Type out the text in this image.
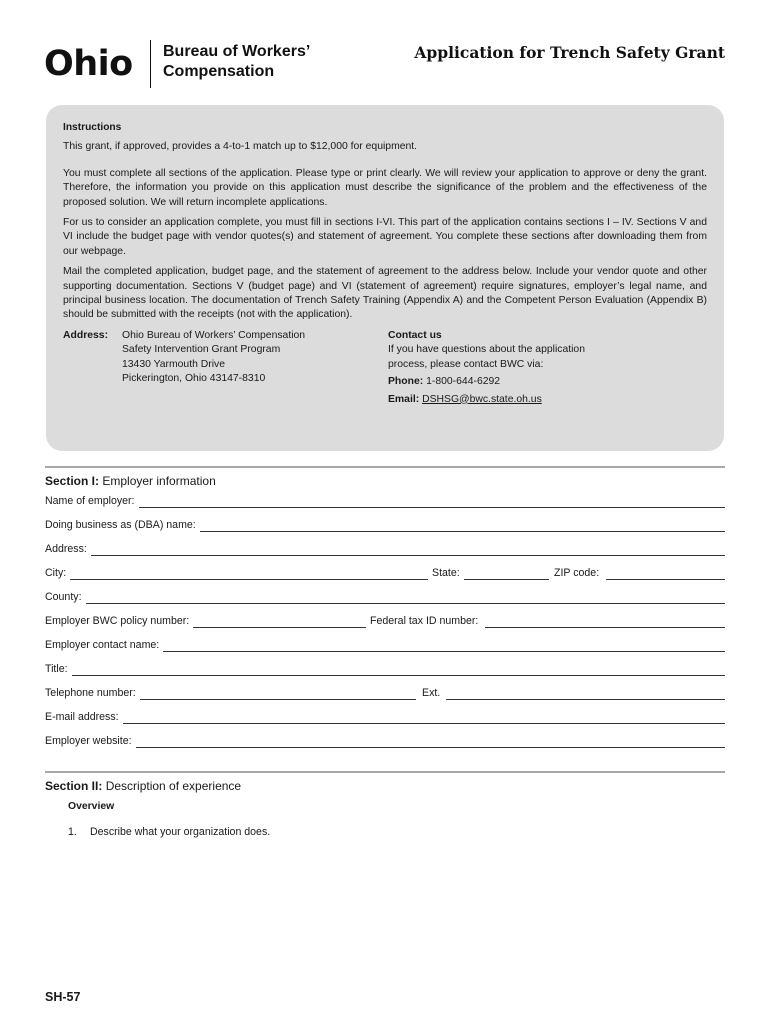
Ohio Bureau of Workers’
Compensation
Application for Trench Safety Grant
Instructions

This grant, if approved, provides a 4-to-1 match up to $12,000 for equipment.

You must complete all sections of the application. Please type or print clearly. We will review your application to approve or deny the grant. Therefore, the information you provide on this application must describe the significance of the problem and the effectiveness of the proposed solution. We will return incomplete applications.

For us to consider an application complete, you must fill in sections I-VI. This part of the application contains sections I – IV. Sections V and VI include the budget page with vendor quotes(s) and statement of agreement. You complete these sections after downloading them from our webpage.

Mail the completed application, budget page, and the statement of agreement to the address below. Include your vendor quote and other supporting documentation. Sections V (budget page) and VI (statement of agreement) require signatures, employer’s legal name, and principal business location. The documentation of Trench Safety Training (Appendix A) and the Competent Person Evaluation (Appendix B) should be submitted with the receipts (not with the application).

Address: Ohio Bureau of Workers’ Compensation
Safety Intervention Grant Program
13430 Yarmouth Drive
Pickerington, Ohio 43147-8310
Contact us
If you have questions about the application
process, please contact BWC via:
Phone: 1-800-644-6292
Email: DSHSG@bwc.state.oh.us
Section I: Employer information
Name of employer:
Doing business as (DBA) name:
Address:
City:	State:	ZIP code:
County:
Employer BWC policy number:	Federal tax ID number:
Employer contact name:
Title:
Telephone number:	Ext.
E-mail address:
Employer website:
Section II: Description of experience
Overview
1. Describe what your organization does.
SH-57
